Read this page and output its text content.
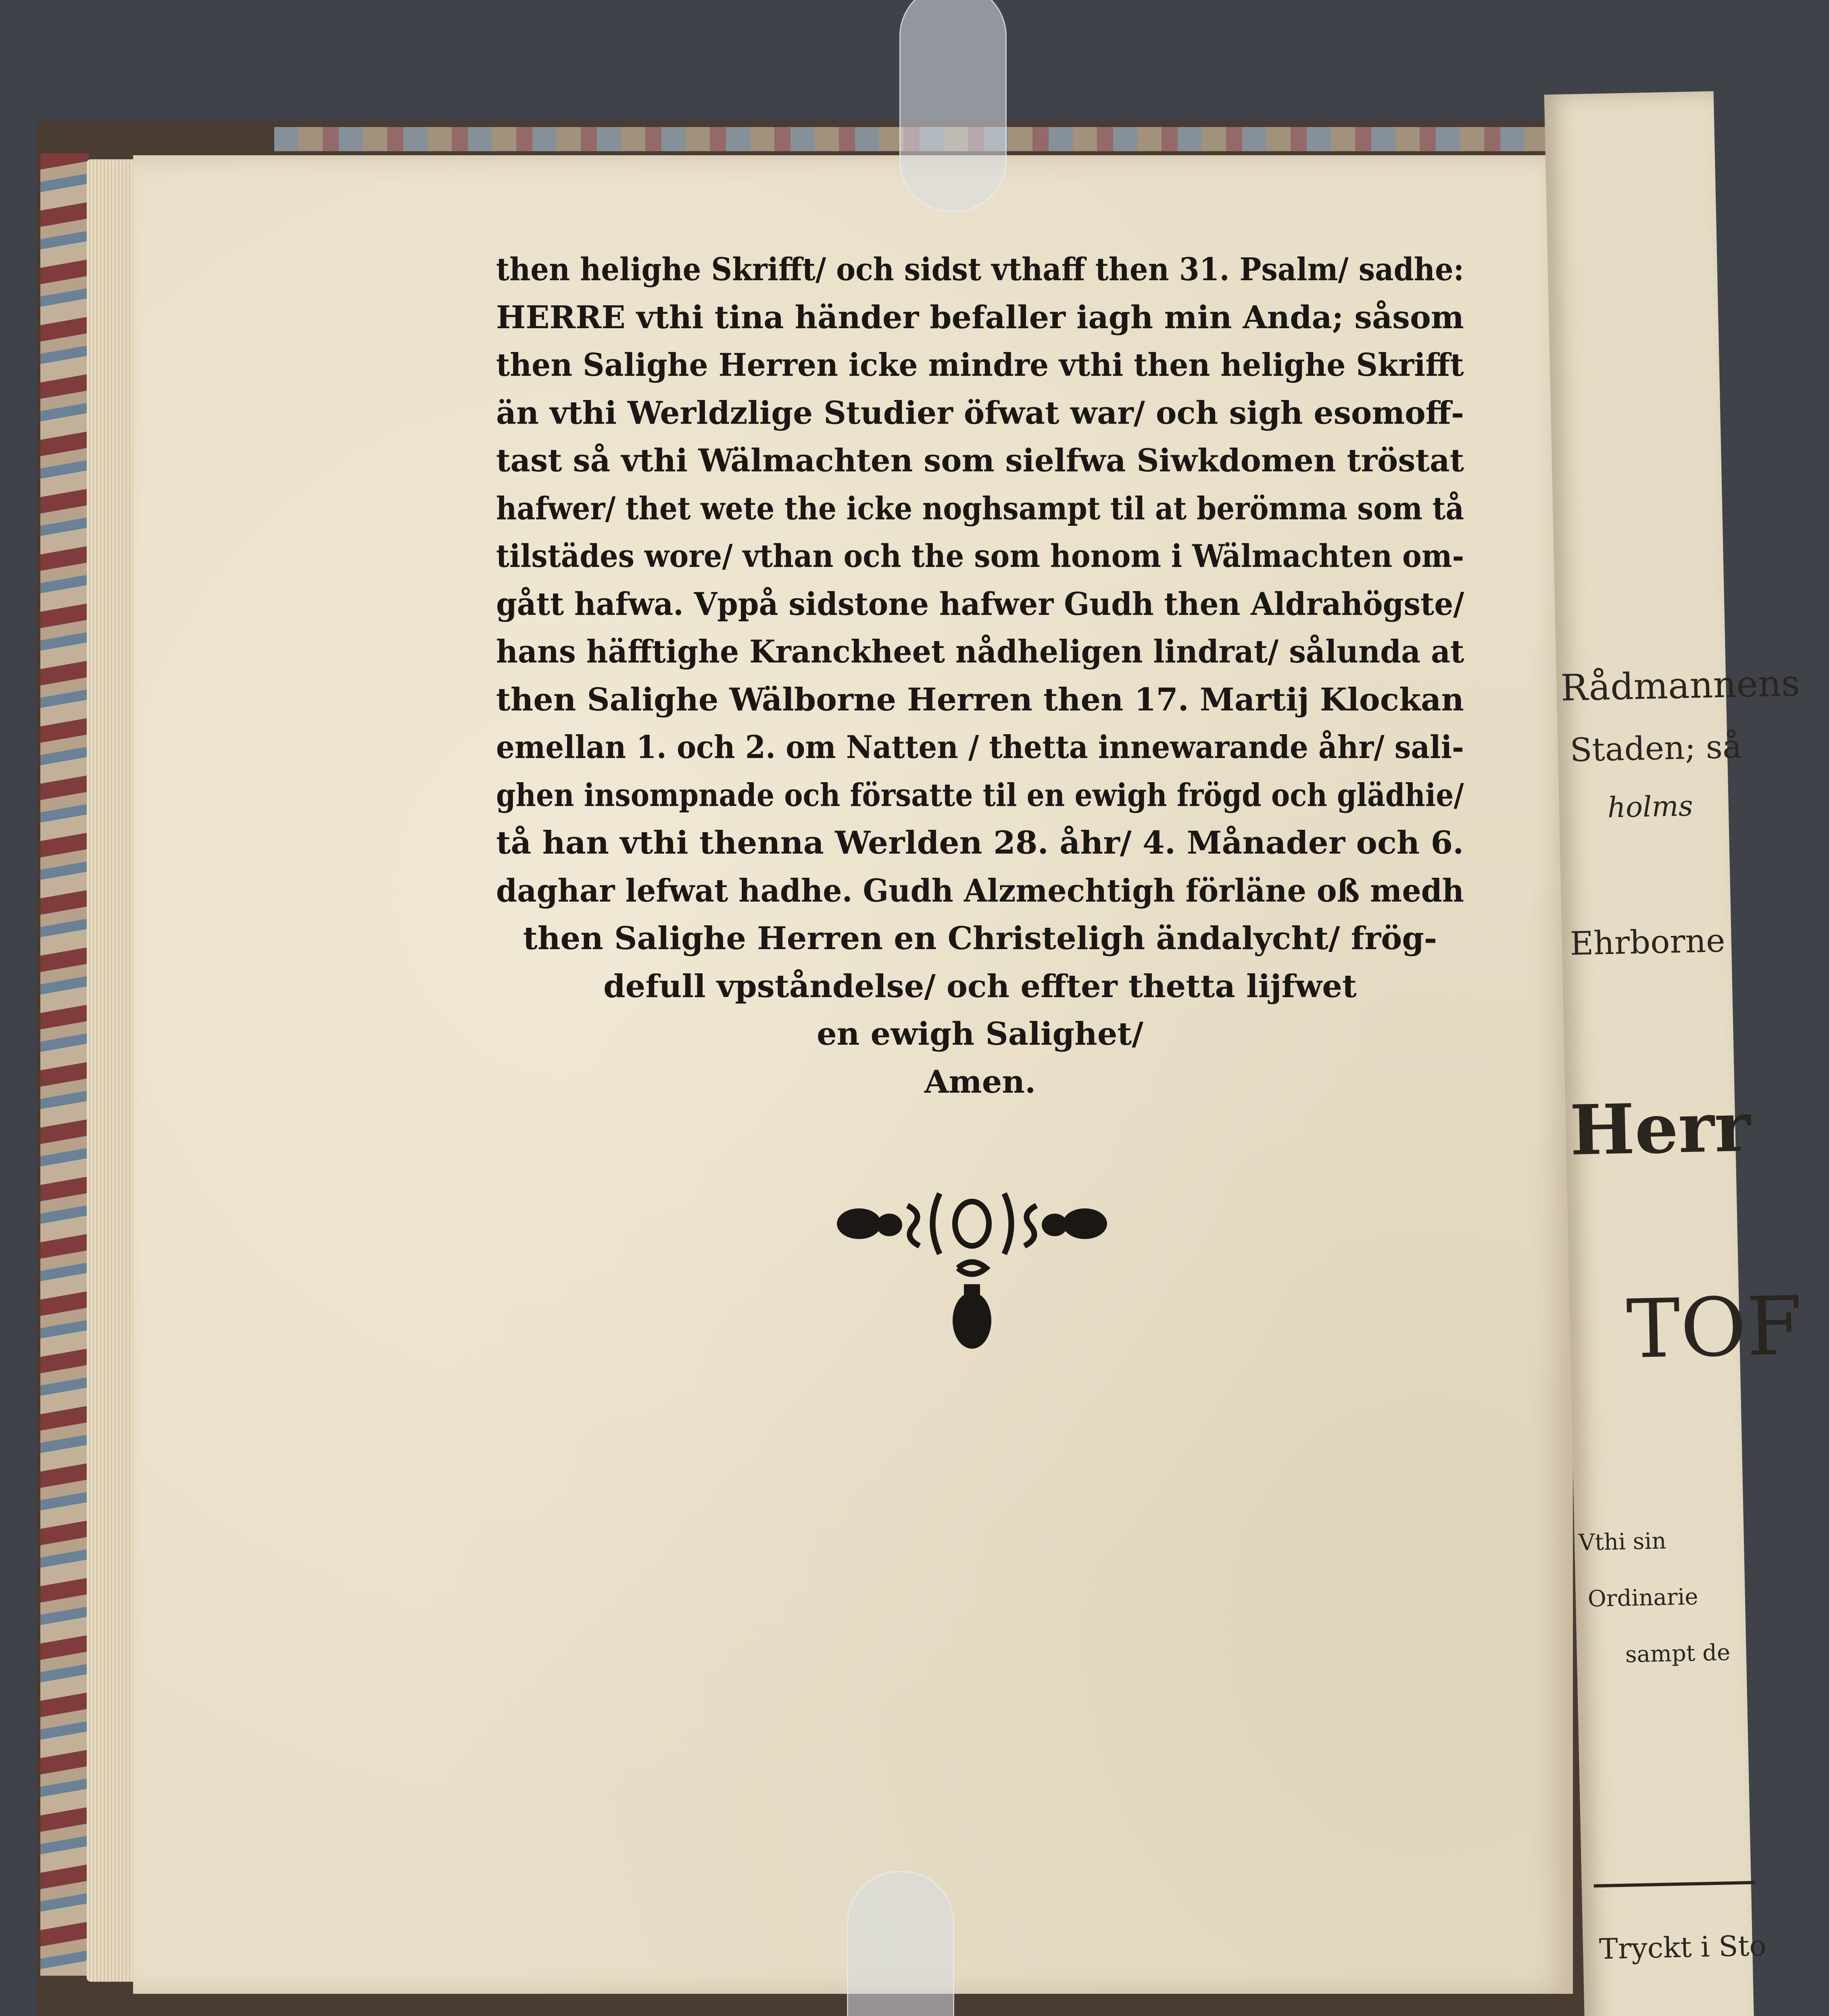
Rådmannens
Staden; så
holms
Ehrborne
Herr
TOF
Vthi sin
Ordinarie
sampt de
Tryckt i Sto
then helighe Skrifft/ och sidst vthaff then 31. Psalm/ sadhe:
HERRE vthi tina händer befaller iagh min Anda; såsom
then Salighe Herren icke mindre vthi then helighe Skrifft
än vthi Werldzlige Studier öfwat war/ och sigh esomoff-
tast så vthi Wälmachten som sielfwa Siwkdomen tröstat
hafwer/ thet wete the icke noghsampt til at berömma som tå
tilstädes wore/ vthan och the som honom i Wälmachten om-
gått hafwa. Vppå sidstone hafwer Gudh then Aldrahögste/
hans häfftighe Kranckheet nådheligen lindrat/ sålunda at
then Salighe Wälborne Herren then 17. Martij Klockan
emellan 1. och 2. om Natten / thetta innewarande åhr/ sali-
ghen insompnade och försatte til en ewigh frögd och glädhie/
tå han vthi thenna Werlden 28. åhr/ 4. Månader och 6.
daghar lefwat hadhe. Gudh Alzmechtigh förläne oß medh
then Salighe Herren en Christeligh ändalycht/ frög-
defull vpståndelse/ och effter thetta lijfwet
en ewigh Salighet/
Amen.
